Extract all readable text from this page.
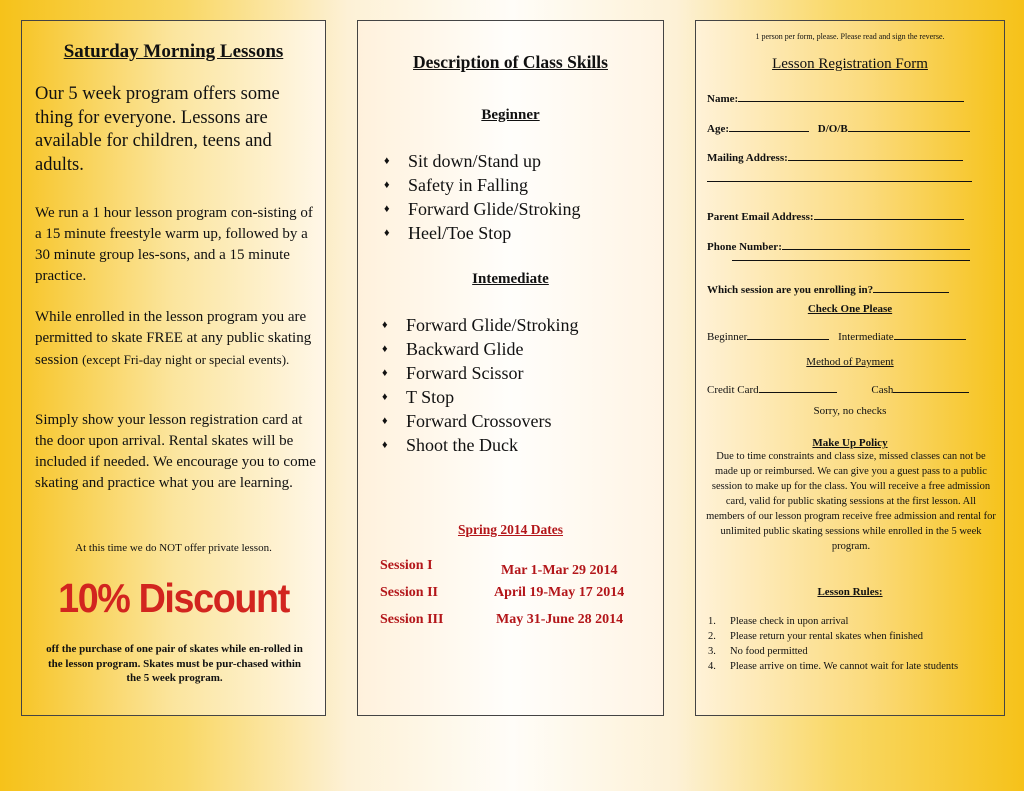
Saturday Morning Lessons
Our 5 week program offers some thing for everyone. Lessons are available for children, teens and adults.
We run a 1 hour lesson program con-sisting of a 15 minute freestyle warm up, followed by a 30 minute group les-sons, and a 15 minute practice.
While enrolled in the lesson program you are permitted to skate FREE at any public skating session (except Fri-day night or special events).
Simply show your lesson registration card at the door upon arrival. Rental skates will be included if needed. We encourage you to come skating and practice what you are learning.
At this time we do NOT offer private lesson.
10% Discount
off the purchase of one pair of skates while en-rolled in the lesson program. Skates must be pur-chased within the 5 week program.
Description of Class Skills
Beginner
♦ Sit down/Stand up
♦ Safety in Falling
♦ Forward Glide/Stroking
♦ Heel/Toe Stop
Intemediate
♦ Forward Glide/Stroking
♦ Backward Glide
♦ Forward Scissor
♦ T Stop
♦ Forward Crossovers
♦ Shoot the Duck
Spring 2014 Dates
Session I	Mar 1-Mar 29 2014
Session II	April 19-May 17 2014
Session III	May 31-June 28 2014
1 person per form, please. Please read and sign the reverse.
Lesson Registration Form
Name:
Age:	D/O/B
Mailing Address:
Parent Email Address:
Phone Number:
Which session are you enrolling in?
Check One Please
Beginner	Intermediate
Method of Payment
Credit Card	Cash
Sorry, no checks
Make Up Policy
Due to time constraints and class size, missed classes can not be made up or reimbursed. We can give you a guest pass to a public session to make up for the class. You will receive a free admission card, valid for public skating sessions at the first lesson. All members of our lesson program receive free admission and rental for unlimited public skating sessions while enrolled in the 5 week program.
Lesson Rules:
1. Please check in upon arrival
2. Please return your rental skates when finished
3. No food permitted
4. Please arrive on time. We cannot wait for late students
